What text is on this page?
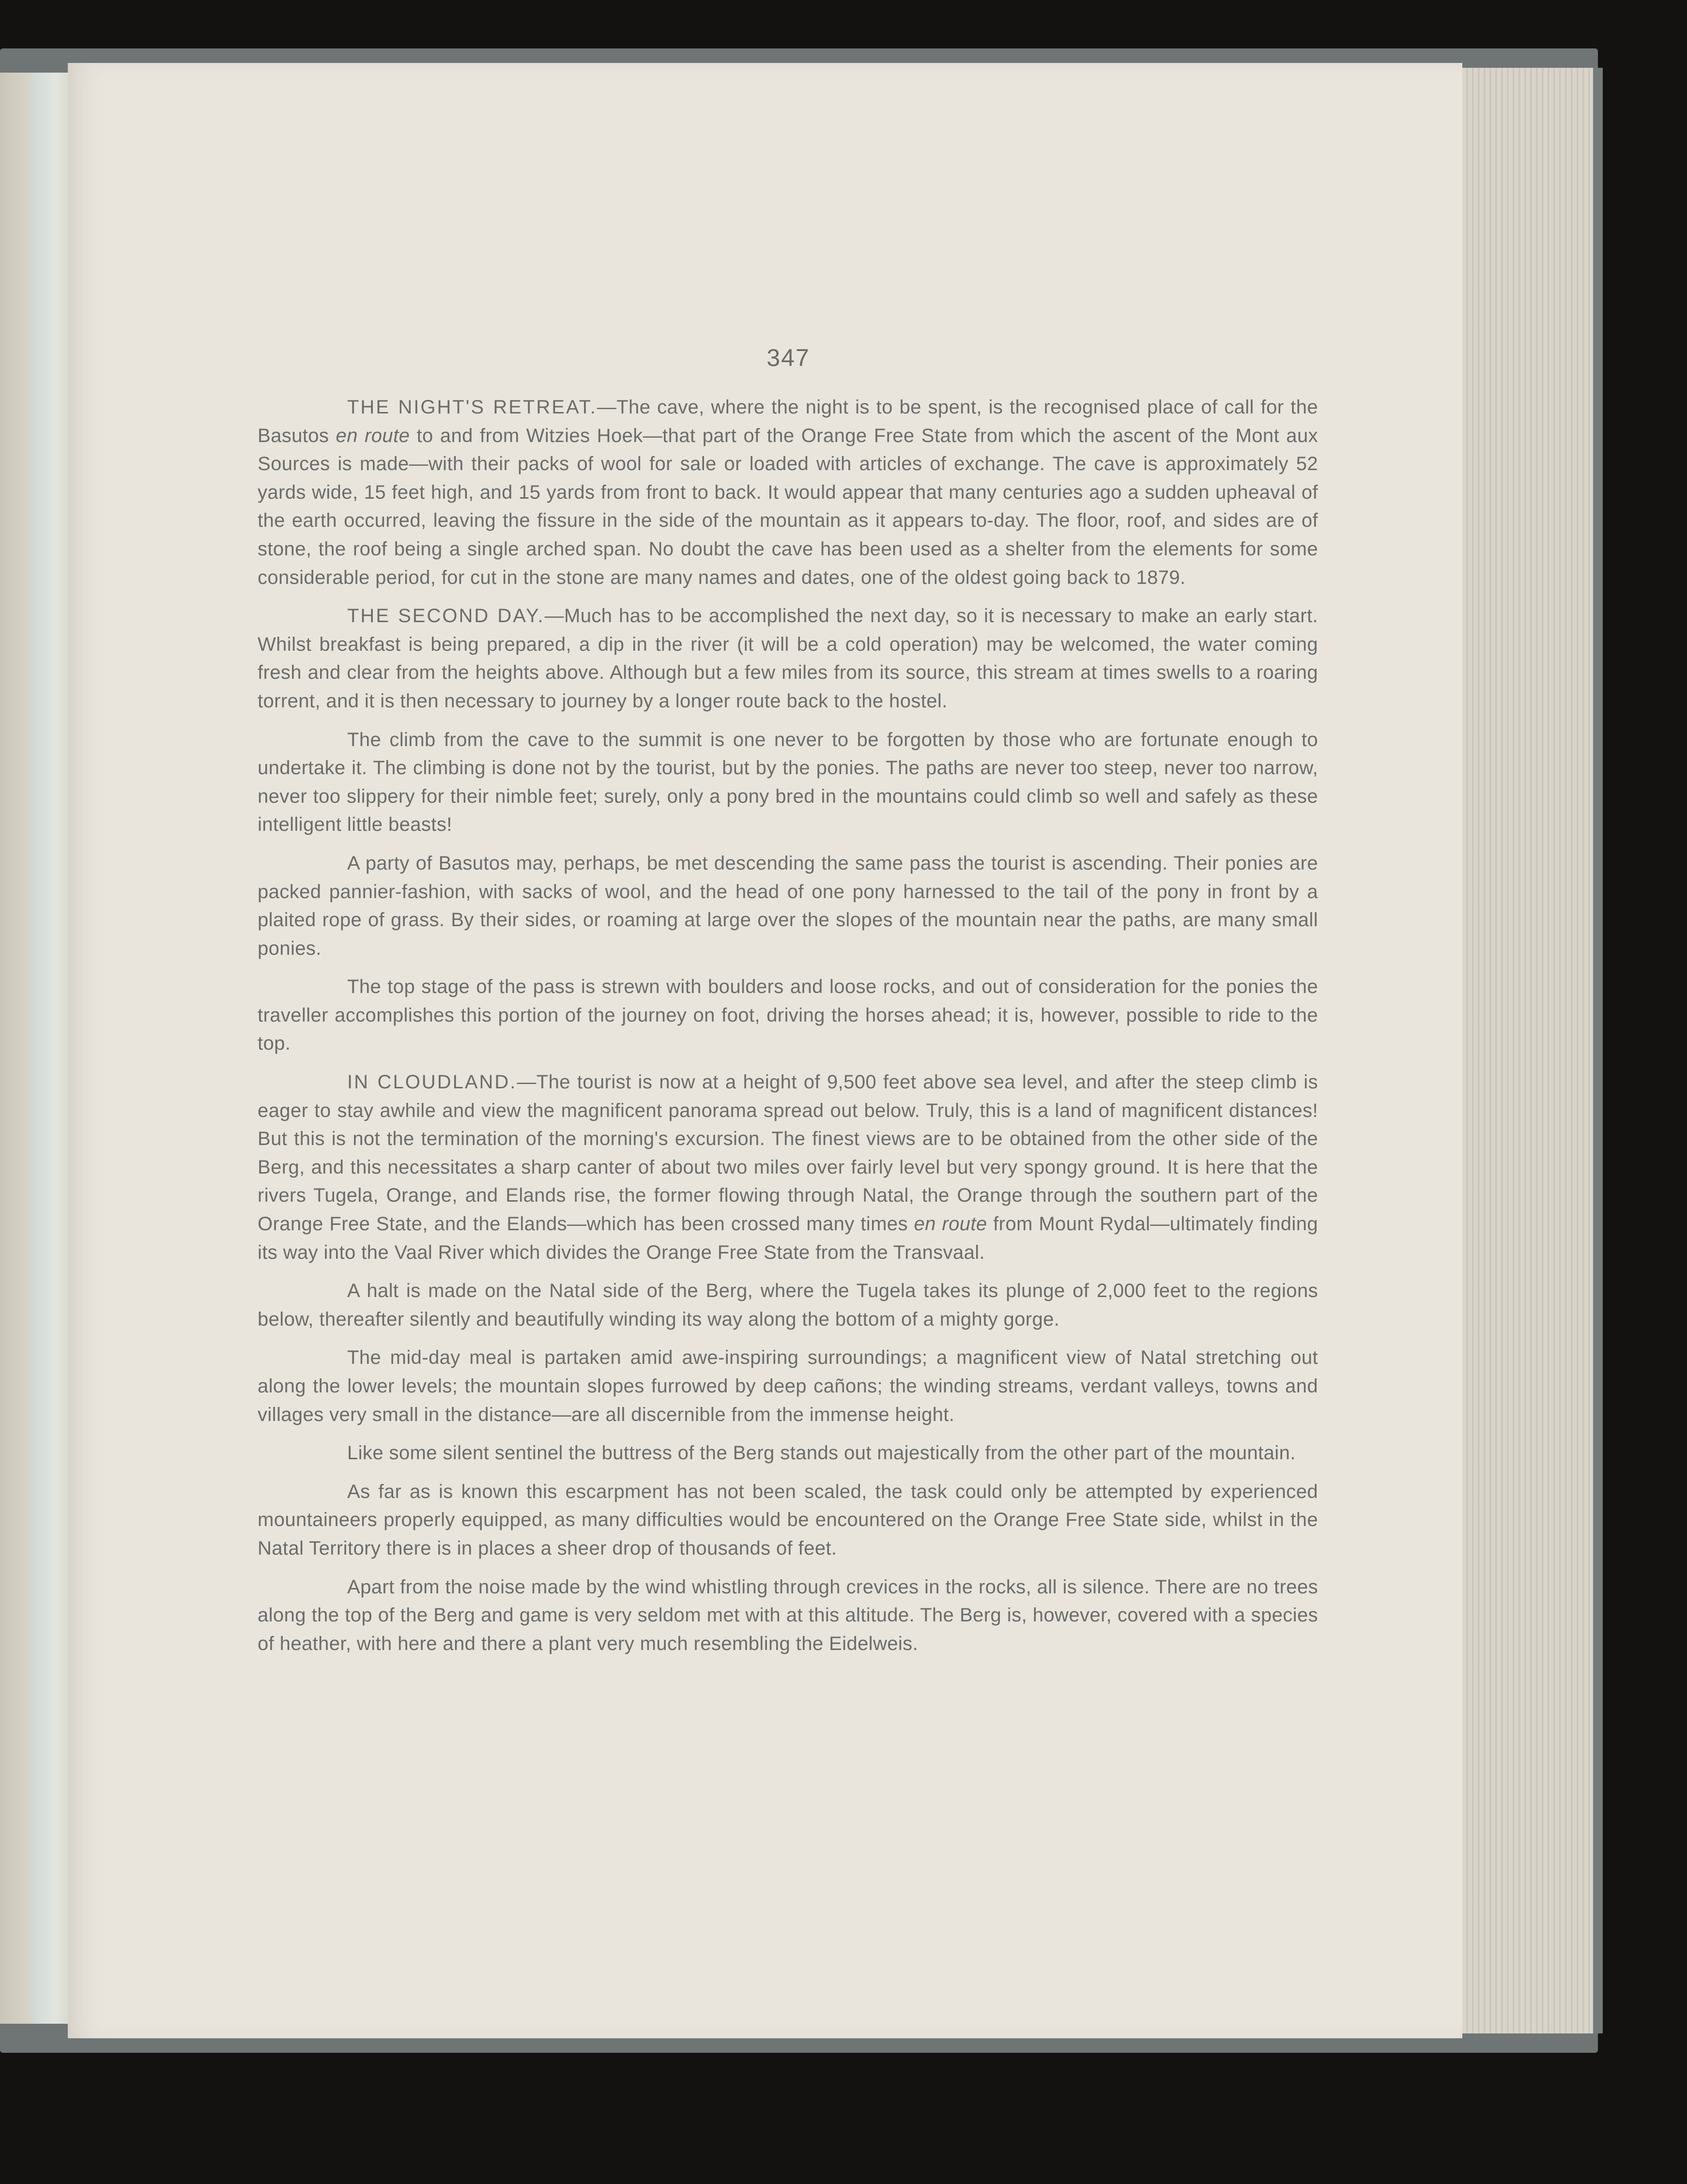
347

THE NIGHT'S RETREAT.—The cave, where the night is to be spent, is the recognised place of call for the Basutos en route to and from Witzies Hoek—that part of the Orange Free State from which the ascent of the Mont aux Sources is made—with their packs of wool for sale or loaded with articles of exchange. The cave is approximately 52 yards wide, 15 feet high, and 15 yards from front to back. It would appear that many centuries ago a sudden upheaval of the earth occurred, leaving the fissure in the side of the mountain as it appears to-day. The floor, roof, and sides are of stone, the roof being a single arched span. No doubt the cave has been used as a shelter from the elements for some considerable period, for cut in the stone are many names and dates, one of the oldest going back to 1879.

THE SECOND DAY.—Much has to be accomplished the next day, so it is necessary to make an early start. Whilst breakfast is being prepared, a dip in the river (it will be a cold operation) may be welcomed, the water coming fresh and clear from the heights above. Although but a few miles from its source, this stream at times swells to a roaring torrent, and it is then necessary to journey by a longer route back to the hostel.

The climb from the cave to the summit is one never to be forgotten by those who are fortunate enough to undertake it. The climbing is done not by the tourist, but by the ponies. The paths are never too steep, never too narrow, never too slippery for their nimble feet; surely, only a pony bred in the mountains could climb so well and safely as these intelligent little beasts!

A party of Basutos may, perhaps, be met descending the same pass the tourist is ascending. Their ponies are packed pannier-fashion, with sacks of wool, and the head of one pony harnessed to the tail of the pony in front by a plaited rope of grass. By their sides, or roaming at large over the slopes of the mountain near the paths, are many small ponies.

The top stage of the pass is strewn with boulders and loose rocks, and out of consideration for the ponies the traveller accomplishes this portion of the journey on foot, driving the horses ahead; it is, however, possible to ride to the top.

IN CLOUDLAND.—The tourist is now at a height of 9,500 feet above sea level, and after the steep climb is eager to stay awhile and view the magnificent panorama spread out below. Truly, this is a land of magnificent distances! But this is not the termination of the morning's excursion. The finest views are to be obtained from the other side of the Berg, and this necessitates a sharp canter of about two miles over fairly level but very spongy ground. It is here that the rivers Tugela, Orange, and Elands rise, the former flowing through Natal, the Orange through the southern part of the Orange Free State, and the Elands—which has been crossed many times en route from Mount Rydal—ultimately finding its way into the Vaal River which divides the Orange Free State from the Transvaal.

A halt is made on the Natal side of the Berg, where the Tugela takes its plunge of 2,000 feet to the regions below, thereafter silently and beautifully winding its way along the bottom of a mighty gorge.

The mid-day meal is partaken amid awe-inspiring surroundings; a magnificent view of Natal stretching out along the lower levels; the mountain slopes furrowed by deep cañons; the winding streams, verdant valleys, towns and villages very small in the distance—are all discernible from the immense height.

Like some silent sentinel the buttress of the Berg stands out majestically from the other part of the mountain.

As far as is known this escarpment has not been scaled, the task could only be attempted by experienced mountaineers properly equipped, as many difficulties would be encountered on the Orange Free State side, whilst in the Natal Territory there is in places a sheer drop of thousands of feet.

Apart from the noise made by the wind whistling through crevices in the rocks, all is silence. There are no trees along the top of the Berg and game is very seldom met with at this altitude. The Berg is, however, covered with a species of heather, with here and there a plant very much resembling the Eidelweis.
